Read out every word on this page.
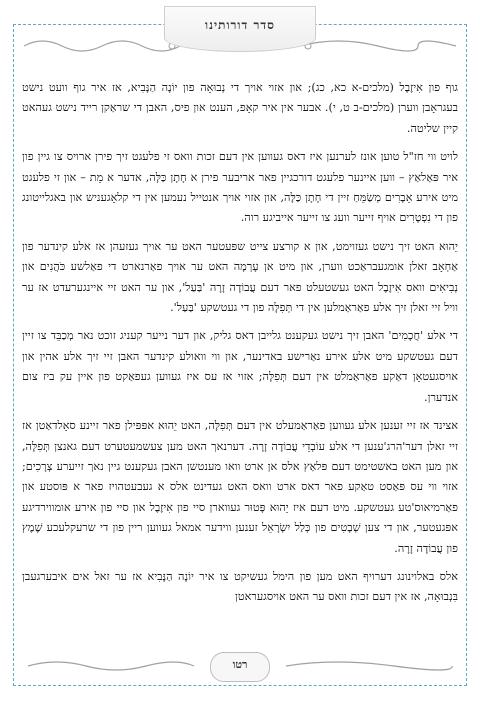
סדר דורותינו

גוף פון אִיזֶבֶל (מלכים-א כא, כג); און אזוי אויך די נְבוּאָה פון יוֹנָה הַנָּבִיא, אז איר גוף וועט נישט בעגראָבן ווערן (מלכים-ב ט, י). אבער אין איר קאָפ, הענט און פיס, האבן די שראַקן רייד נישט געהאט קיין שליטה.

לויט ווי חז"ל טוען אונז לערנען איז דאס געווען אין דעם זכות וואס זי פלעגט זיך פירן ארויס צו גיין פון איר פּאַלאַץ – ווען איינער פלעגט דורכגיין פאר אריבער פירן א חָתָן כַּלָּה, אדער א מֵת – און זי פלעגט מיט אירע אֵבָרִים מְשַׂמֵּחַ זיין די חָתָן כַּלָּה, און אזוי אויך אנטייל נעמען אין די קלאָגעניש און באגלייטונג פון די נִפְטָרִים אויף זייער וועג צו זייער אייביגע רוה.

יֵהוּא האט זיך נישט געזוימט, און א קורצע צייט שפּעטער האט ער אויך געזעהן אז אלע קינדער פון אַחְאָב זאלן אומגעבראַכט ווערן, און מיט אן עָרְמָה האט ער אויך פאַרנארט די פאַלשע כֹּהֲנִים און נְבִיאִים וואס אִיזֶבֶל האט געשטעלט פאר דעם עֲבוֹדָה זָרָה 'בַּעַל', און ער האט זיי איינגערעדט אז ער וויל זיי זאלן זיך אלע פאַראַמלען אין די תְּפִלָּה פון די געטשקע 'בַּעַל'.

די אלע 'חֲכָמִים' האבן זיך נישט געקענט גלייבן דאס גליק, און דער נייער קעניג זוכט נאר מְכַבֵּד צו זיין דעם געטשקע מיט אלע אירע נאַרישע באדינער, און ווי וואולע קינדער האבן זיי זיך אלע אהין און אויסגעטאָן דאַקע פאַראַמלט אין דעם תְּפִלָּה; אזוי אז עס איז געווען געפאַקט פון איין עק ביז צום אנדערן.

אצינד אז זיי זענען אלע געווען פאַראַמעלט אין דעם תְּפִלָּה, האט יֵהוּא אפּפּילן פאר זיינע סאָלדאַטן אז זיי זאלן דער'הרג'ענען די אלע עוֹבְדֵי עֲבוֹדָה זָרָה. דערנאך האט מען צעשמעטערט דעם גאנצן תְּפִלָּה, און מען האט באשטימט דעם פּלאַץ אלס אן ארט וואו מענטשן האבן געקענט גיין נאך זייערע צְרָכִים; אזוי ווי עס פּאַסט טאַקע פאר דאס ארט וואס האט געדינט אלס א געבעטהויז פאר א פּוסטע און פאַרמיאוס'טע געטשקע. מיט דעם איז יֵהוּא פָּטוּר געווארן סיי פון אִיזֶבֶל און סיי פון אירע אומווירדיגע אפּגעטער, און די צען שְׁבָטִים פון כְּלַל יִשְׂרָאֵל זענען ווידער אמאל געווען ריין פון די שרעקלעכע שֶׁמֶץ פון עֲבוֹדָה זָרָה.

אלס באלוינונג דערויף האט מען פון הימל געשיקט צו איר יוֹנָה הַנָּבִיא אז ער זאל אים איבערגעבן בִּנְבוּאָה, אז אין דעם זכות וואס ער האט אויסגעראטן

רטו
